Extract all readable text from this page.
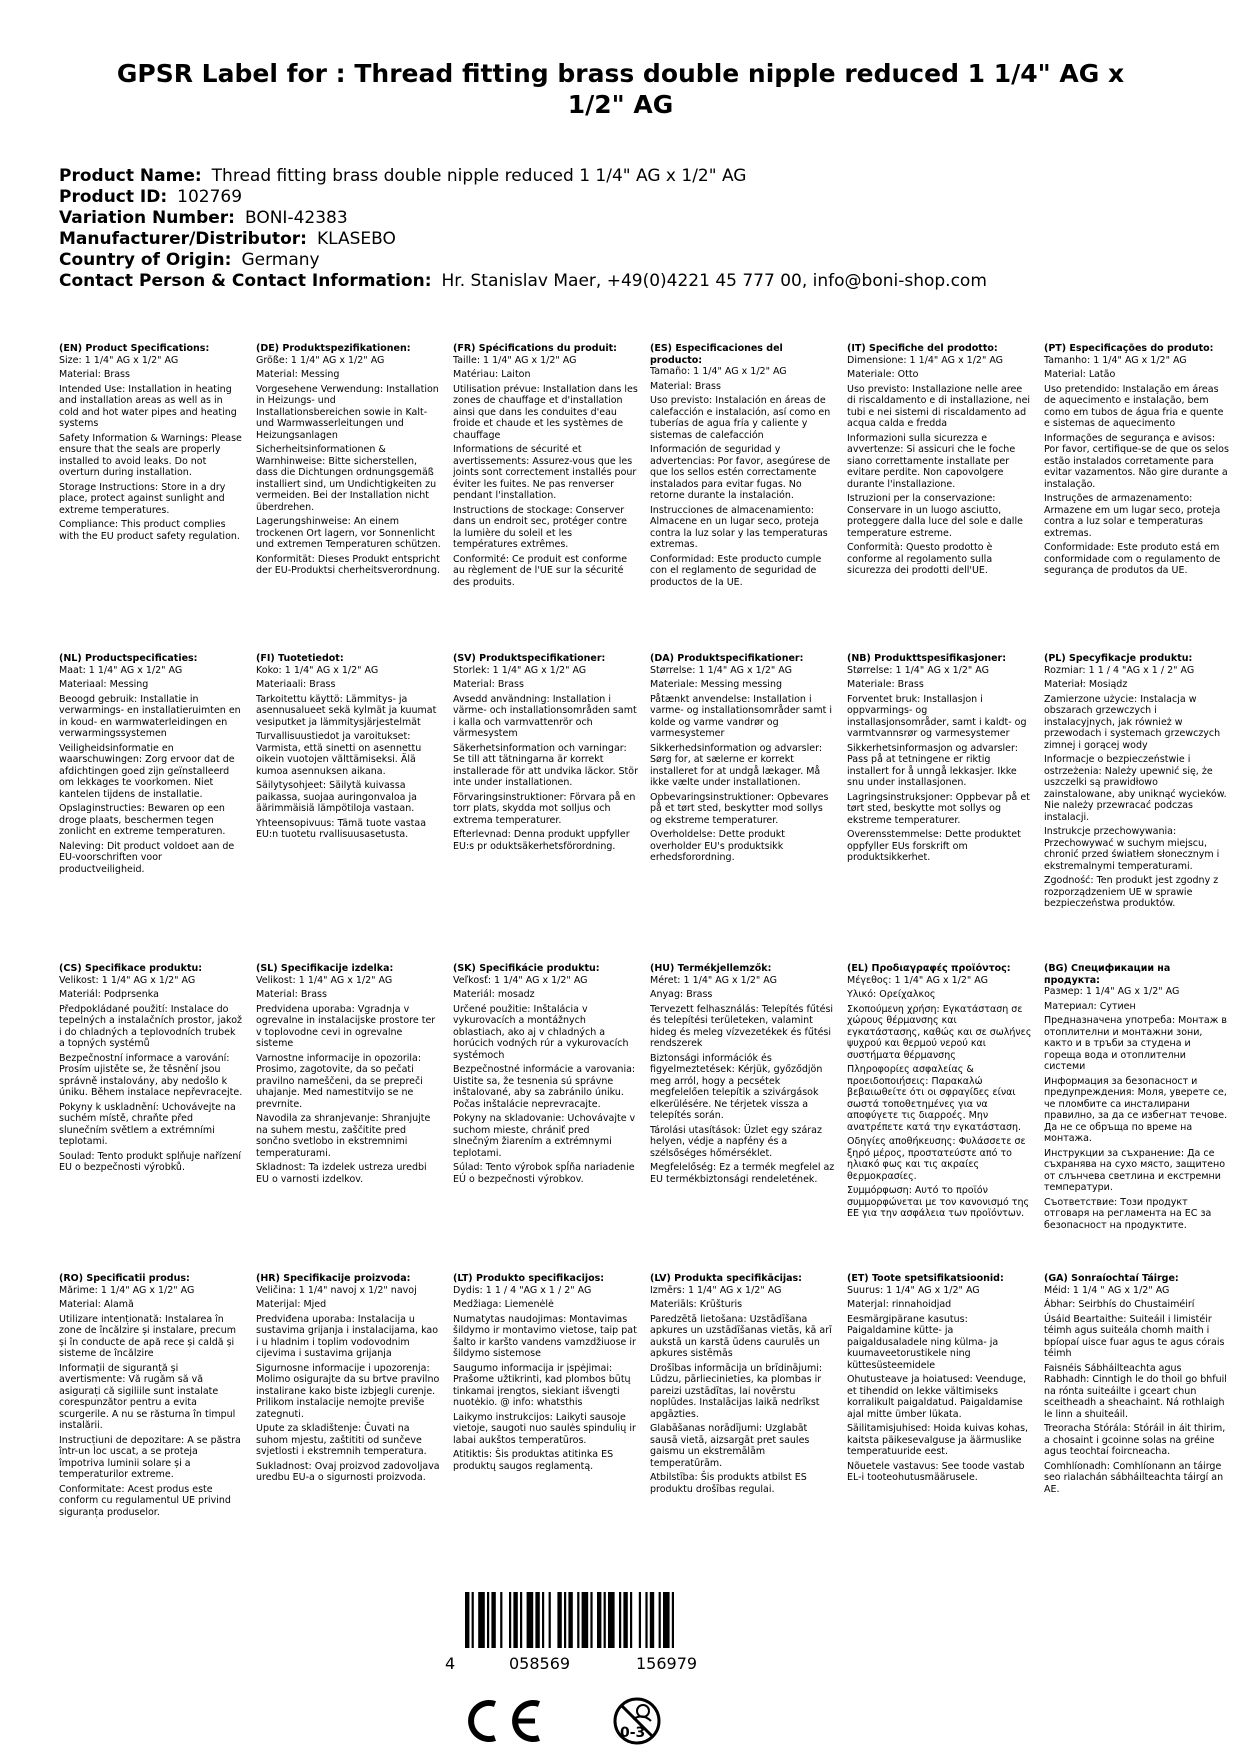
GPSR Label for : Thread fitting brass double nipple reduced 1 1/4" AG x 1/2" AG
Product Name: Thread fitting brass double nipple reduced 1 1/4" AG x 1/2" AG
Product ID: 102769
Variation Number: BONI-42383
Manufacturer/Distributor: KLASEBO
Country of Origin: Germany
Contact Person & Contact Information: Hr. Stanislav Maer, +49(0)4221 45 777 00, info@boni-shop.com
(EN) Product Specifications:
Size: 1 1/4" AG x 1/2" AG
Material: Brass
Intended Use: Installation in heating and installation areas as well as in cold and hot water pipes and heating systems
Safety Information & Warnings: Please ensure that the seals are properly installed to avoid leaks. Do not overturn during installation.
Storage Instructions: Store in a dry place, protect against sunlight and extreme temperatures.
Compliance: This product complies with the EU product safety regulation.
(DE) Produktspezifikationen:
Größe: 1 1/4" AG x 1/2" AG
Material: Messing
Vorgesehene Verwendung: Installation in Heizungs- und Installationsbereichen sowie in Kalt- und Warmwasserleitungen und Heizungsanlagen
Sicherheitsinformationen & Warnhinweise: Bitte sicherstellen, dass die Dichtungen ordnungsgemäß installiert sind, um Undichtigkeiten zu vermeiden. Bei der Installation nicht überdrehen.
Lagerungshinweise: An einem trockenen Ort lagern, vor Sonnenlicht und extremen Temperaturen schützen.
Konformität: Dieses Produkt entspricht der EU-Produktsi cherheitsverordnung.
(FR) Spécifications du produit:
Taille: 1 1/4" AG x 1/2" AG
Matériau: Laiton
Utilisation prévue: Installation dans les zones de chauffage et d'installation ainsi que dans les conduites d'eau froide et chaude et les systèmes de chauffage
Informations de sécurité et avertissements: Assurez-vous que les joints sont correctement installés pour éviter les fuites. Ne pas renverser pendant l'installation.
Instructions de stockage: Conserver dans un endroit sec, protéger contre la lumière du soleil et les températures extrêmes.
Conformité: Ce produit est conforme au règlement de l'UE sur la sécurité des produits.
(ES) Especificaciones del producto:
Tamaño: 1 1/4" AG x 1/2" AG
Material: Brass
Uso previsto: Instalación en áreas de calefacción e instalación, así como en tuberías de agua fría y caliente y sistemas de calefacción
Información de seguridad y advertencias: Por favor, asegúrese de que los sellos estén correctamente instalados para evitar fugas. No retorne durante la instalación.
Instrucciones de almacenamiento: Almacene en un lugar seco, proteja contra la luz solar y las temperaturas extremas.
Conformidad: Este producto cumple con el reglamento de seguridad de productos de la UE.
(IT) Specifiche del prodotto:
Dimensione: 1 1/4" AG x 1/2" AG
Materiale: Otto
Uso previsto: Installazione nelle aree di riscaldamento e di installazione, nei tubi e nei sistemi di riscaldamento ad acqua calda e fredda
Informazioni sulla sicurezza e avvertenze: Si assicuri che le foche siano correttamente installate per evitare perdite. Non capovolgere durante l'installazione.
Istruzioni per la conservazione: Conservare in un luogo asciutto, proteggere dalla luce del sole e dalle temperature estreme.
Conformità: Questo prodotto è conforme al regolamento sulla sicurezza dei prodotti dell'UE.
(PT) Especificações do produto:
Tamanho: 1 1/4" AG x 1/2" AG
Material: Latão
Uso pretendido: Instalação em áreas de aquecimento e instalação, bem como em tubos de água fria e quente e sistemas de aquecimento
Informações de segurança e avisos: Por favor, certifique-se de que os selos estão instalados corretamente para evitar vazamentos. Não gire durante a instalação.
Instruções de armazenamento: Armazene em um lugar seco, proteja contra a luz solar e temperaturas extremas.
Conformidade: Este produto está em conformidade com o regulamento de segurança de produtos da UE.
(NL) Productspecificaties:
Maat: 1 1/4" AG x 1/2" AG
Materiaal: Messing
Beoogd gebruik: Installatie in verwarmings- en installatieruimten en in koud- en warmwaterleidingen en verwarmingssystemen
Veiligheidsinformatie en waarschuwingen: Zorg ervoor dat de afdichtingen goed zijn geïnstalleerd om lekkages te voorkomen. Niet kantelen tijdens de installatie.
Opslaginstructies: Bewaren op een droge plaats, beschermen tegen zonlicht en extreme temperaturen.
Naleving: Dit product voldoet aan de EU-voorschriften voor productveiligheid.
(FI) Tuotetiedot:
Koko: 1 1/4" AG x 1/2" AG
Materiaali: Brass
Tarkoitettu käyttö: Lämmitys- ja asennusalueet sekä kylmät ja kuumat vesiputket ja lämmitysjärjestelmät
Turvallisuustiedot ja varoitukset: Varmista, että sinetti on asennettu oikein vuotojen välttämiseksi. Älä kumoa asennuksen aikana.
Säilytysohjeet: Säilytä kuivassa paikassa, suojaa auringonvaloa ja äärimmäisiä lämpötiloja vastaan.
Yhteensopivuus: Tämä tuote vastaa EU:n tuotetu rvallisuusasetusta.
(SV) Produktspecifikationer:
Storlek: 1 1/4" AG x 1/2" AG
Material: Brass
Avsedd användning: Installation i värme- och installationsområden samt i kalla och varmvattenrör och värmesystem
Säkerhetsinformation och varningar: Se till att tätningarna är korrekt installerade för att undvika läckor. Stör inte under installationen.
Förvaringsinstruktioner: Förvara på en torr plats, skydda mot solljus och extrema temperaturer.
Efterlevnad: Denna produkt uppfyller EU:s pr oduktsäkerhetsförordning.
(DA) Produktspecifikationer:
Størrelse: 1 1/4" AG x 1/2" AG
Materiale: Messing messing
Påtænkt anvendelse: Installation i varme- og installationsområder samt i kolde og varme vandrør og varmesystemer
Sikkerhedsinformation og advarsler: Sørg for, at sælerne er korrekt installeret for at undgå lækager. Må ikke vælte under installationen.
Opbevaringsinstruktioner: Opbevares på et tørt sted, beskytter mod sollys og ekstreme temperaturer.
Overholdelse: Dette produkt overholder EU's produktsikk erhedsforordning.
(NB) Produkttspesifikasjoner:
Størrelse: 1 1/4" AG x 1/2" AG
Materiale: Brass
Forventet bruk: Installasjon i oppvarmings- og installasjonsområder, samt i kaldt- og varmtvannsrør og varmesystemer
Sikkerhetsinformasjon og advarsler: Pass på at tetningene er riktig installert for å unngå lekkasjer. Ikke snu under installasjonen.
Lagringsinstruksjoner: Oppbevar på et tørt sted, beskytte mot sollys og ekstreme temperaturer.
Overensstemmelse: Dette produktet oppfyller EUs forskrift om produktsikkerhet.
(PL) Specyfikacje produktu:
Rozmiar: 1 1 / 4 "AG x 1 / 2" AG
Materiał: Mosiądz
Zamierzone użycie: Instalacja w obszarach grzewczych i instalacyjnych, jak również w przewodach i systemach grzewczych zimnej i gorącej wody
Informacje o bezpieczeństwie i ostrzeżenia: Należy upewnić się, że uszczelki są prawidłowo zainstalowane, aby uniknąć wycieków. Nie należy przewracać podczas instalacji.
Instrukcje przechowywania: Przechowywać w suchym miejscu, chronić przed światłem słonecznym i ekstremalnymi temperaturami.
Zgodność: Ten produkt jest zgodny z rozporządzeniem UE w sprawie bezpieczeństwa produktów.
(CS) Specifikace produktu:
Velikost: 1 1/4" AG x 1/2" AG
Materiál: Podprsenka
Předpokládané použití: Instalace do tepelných a instalačních prostor, jakož i do chladných a teplovodních trubek a topných systémů
Bezpečnostní informace a varování: Prosím ujistěte se, že těsnění jsou správně instalovány, aby nedošlo k úniku. Během instalace nepřevracejte.
Pokyny k uskladnění: Uchovávejte na suchém místě, chraňte před slunečním světlem a extrémními teplotami.
Soulad: Tento produkt splňuje nařízení EU o bezpečnosti výrobků.
(SL) Specifikacije izdelka:
Velikost: 1 1/4" AG x 1/2" AG
Material: Brass
Predvidena uporaba: Vgradnja v ogrevalne in instalacijske prostore ter v toplovodne cevi in ogrevalne sisteme
Varnostne informacije in opozorila: Prosimo, zagotovite, da so pečati pravilno nameščeni, da se prepreči uhajanje. Med namestitvijo se ne prevrnite.
Navodila za shranjevanje: Shranjujte na suhem mestu, zaščitite pred sončno svetlobo in ekstremnimi temperaturami.
Skladnost: Ta izdelek ustreza uredbi EU o varnosti izdelkov.
(SK) Špecifikácie produktu:
Veľkosť: 1 1/4" AG x 1/2" AG
Materiál: mosadz
Určené použitie: Inštalácia v vykurovacích a montážnych oblastiach, ako aj v chladných a horúcich vodných rúr a vykurovacích systémoch
Bezpečnostné informácie a varovania: Uistite sa, že tesnenia sú správne inštalované, aby sa zabránilo úniku. Počas inštalácie neprevracajte.
Pokyny na skladovanie: Uchovávajte v suchom mieste, chrániť pred slnečným žiarením a extrémnymi teplotami.
Súlad: Tento výrobok spĺňa nariadenie EÚ o bezpečnosti výrobkov.
(HU) Termékjellemzők:
Méret: 1 1/4" AG x 1/2" AG
Anyag: Brass
Tervezett felhasználás: Telepítés fűtési és telepítési területeken, valamint hideg és meleg vízvezetékek és fűtési rendszerek
Biztonsági információk és figyelmeztetések: Kérjük, győződjön meg arról, hogy a pecsétek megfelelően telepítik a szivárgások elkerülésére. Ne térjetek vissza a telepítés során.
Tárolási utasítások: Üzlet egy száraz helyen, védje a napfény és a szélsőséges hőmérséklet.
Megfelelőség: Ez a termék megfelel az EU termékbiztonsági rendeletének.
(EL) Προδιαγραφές προϊόντος:
Μέγεθος: 1 1/4" AG x 1/2" AG
Υλικό: Ορείχαλκος
Σκοπούμενη χρήση: Εγκατάσταση σε χώρους θέρμανσης και εγκατάστασης, καθώς και σε σωλήνες ψυχρού και θερμού νερού και συστήματα θέρμανσης
Πληροφορίες ασφαλείας & προειδοποιήσεις: Παρακαλώ βεβαιωθείτε ότι οι σφραγίδες είναι σωστά τοποθετημένες για να αποφύγετε τις διαρροές. Μην ανατρέπετε κατά την εγκατάσταση.
Οδηγίες αποθήκευσης: Φυλάσσετε σε ξηρό μέρος, προστατεύστε από το ηλιακό φως και τις ακραίες θερμοκρασίες.
Συμμόρφωση: Αυτό το προϊόν συμμορφώνεται με τον κανονισμό της ΕΕ για την ασφάλεια των προϊόντων.
(BG) Спецификации на продукта:
Размер: 1 1/4" AG x 1/2" AG
Материал: Сутиен
Предназначена употреба: Монтаж в отоплителни и монтажни зони, както и в тръби за студена и гореща вода и отоплителни системи
Информация за безопасност и предупреждения: Моля, уверете се, че пломбите са инсталирани правилно, за да се избегнат течове. Да не се обръща по време на монтажа.
Инструкции за съхранение: Да се съхранява на сухо място, защитено от слънчева светлина и екстремни температури.
Съответствие: Този продукт отговаря на регламента на ЕС за безопасност на продуктите.
(RO) Specificatii produs:
Mărime: 1 1/4" AG x 1/2" AG
Material: Alamă
Utilizare intenționată: Instalarea în zone de încălzire și instalare, precum și în conducte de apă rece și caldă și sisteme de încălzire
Informații de siguranță și avertismente: Vă rugăm să vă asigurați că sigiliile sunt instalate corespunzător pentru a evita scurgerile. A nu se răsturna în timpul instalării.
Instrucțiuni de depozitare: A se păstra într-un loc uscat, a se proteja împotriva luminii solare și a temperaturilor extreme.
Conformitate: Acest produs este conform cu regulamentul UE privind siguranța produselor.
(HR) Specifikacije proizvoda:
Veličina: 1 1/4" navoj x 1/2" navoj
Materijal: Mjed
Predviđena uporaba: Instalacija u sustavima grijanja i instalacijama, kao i u hladnim i toplim vodovodnim cijevima i sustavima grijanja
Sigurnosne informacije i upozorenja: Molimo osigurajte da su brtve pravilno instalirane kako biste izbjegli curenje. Prilikom instalacije nemojte previše zategnuti.
Upute za skladištenje: Čuvati na suhom mjestu, zaštititi od sunčeve svjetlosti i ekstremnih temperatura.
Sukladnost: Ovaj proizvod zadovoljava uredbu EU-a o sigurnosti proizvoda.
(LT) Produkto specifikacijos:
Dydis: 1 1 / 4 "AG x 1 / 2" AG
Medžiaga: Liemenėlė
Numatytas naudojimas: Montavimas šildymo ir montavimo vietose, taip pat šalto ir karšto vandens vamzdžiuose ir šildymo sistemose
Saugumo informacija ir įspėjimai: Prašome užtikrinti, kad plombos būtų tinkamai įrengtos, siekiant išvengti nuotėkio. @ info: whatsthis
Laikymo instrukcijos: Laikyti sausoje vietoje, saugoti nuo saulės spindulių ir labai aukštos temperatūros.
Atitiktis: Šis produktas atitinka ES produktų saugos reglamentą.
(LV) Produkta specifikācijas:
Izmērs: 1 1/4" AG x 1/2" AG
Materiāls: Krūšturis
Paredzētā lietošana: Uzstādīšana apkures un uzstādīšanas vietās, kā arī aukstā un karstā ūdens caurulēs un apkures sistēmās
Drošības informācija un brīdinājumi: Lūdzu, pārliecinieties, ka plombas ir pareizi uzstādītas, lai novērstu noplūdes. Instalācijas laikā nedrīkst apgāzties.
Glabāšanas norādījumi: Uzglabāt sausā vietā, aizsargāt pret saules gaismu un ekstremālām temperatūrām.
Atbilstība: Šis produkts atbilst ES produktu drošības regulai.
(ET) Toote spetsifikatsioonid:
Suurus: 1 1/4" AG x 1/2" AG
Materjal: rinnahoidjad
Eesmärgipärane kasutus: Paigaldamine kütte- ja paigaldusaladele ning külma- ja kuumaveetorustikele ning küttesüsteemidele
Ohutusteave ja hoiatused: Veenduge, et tihendid on lekke vältimiseks korralikult paigaldatud. Paigaldamise ajal mitte ümber lükata.
Säilitamisjuhised: Hoida kuivas kohas, kaitsta päikesevalguse ja äärmuslike temperatuuride eest.
Nõuetele vastavus: See toode vastab EL-i tooteohutusmäärusele.
(GA) Sonraíochtaí Táirge:
Méid: 1 1/4 " AG x 1/2" AG
Ábhar: Seirbhís do Chustaiméirí
Úsáid Beartaithe: Suiteáil i limistéir téimh agus suiteála chomh maith i bpíopaí uisce fuar agus te agus córais téimh
Faisnéis Sábháilteachta agus Rabhadh: Cinntigh le do thoil go bhfuil na rónta suiteáilte i gceart chun sceitheadh a sheachaint. Ná rothlaigh le linn a shuiteáil.
Treoracha Stórála: Stóráil in áit thirim, a chosaint i gcoinne solas na gréine agus teochtaí foircneacha.
Comhlíonadh: Comhlíonann an táirge seo rialachán sábháilteachta táirgí an AE.
4	058569	156979
0-3
